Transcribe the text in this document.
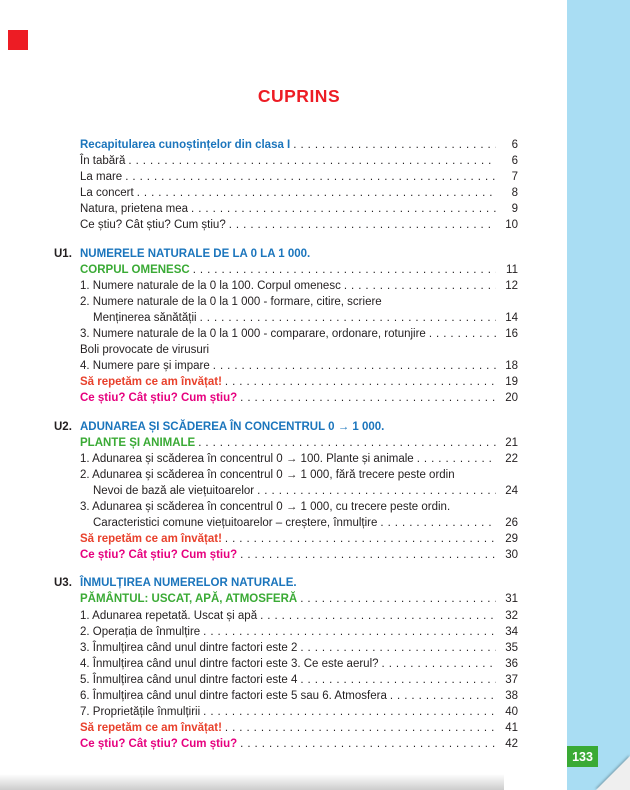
CUPRINS
Recapitularea cunoștințelor din clasa I .....	6
În tabără .....	6
La mare .....	7
La concert .....	8
Natura, prietena mea .....	9
Ce știu? Cât știu? Cum știu? .....	10
U1. NUMERELE NATURALE DE LA 0 LA 1 000.
CORPUL OMENESC .....	11
1. Numere naturale de la 0 la 100. Corpul omenesc .....	12
2. Numere naturale de la 0 la 1 000 - formare, citire, scriere
Menținerea sănătății .....	14
3. Numere naturale de la 0 la 1 000 - comparare, ordonare, rotunjire .....	16
Boli provocate de virusuri
4. Numere pare și impare .....	18
Să repetăm ce am învățat! .....	19
Ce știu? Cât știu? Cum știu? .....	20
U2. ADUNAREA ȘI SCĂDEREA ÎN CONCENTRUL 0 → 1 000.
PLANTE ȘI ANIMALE .....	21
1. Adunarea și scăderea în concentrul 0 → 100. Plante și animale .....	22
2. Adunarea și scăderea în concentrul 0 → 1 000, fără trecere peste ordin
Nevoi de bază ale viețuitoarelor .....	24
3. Adunarea și scăderea în concentrul 0 → 1 000, cu trecere peste ordin.
Caracteristici comune viețuitoarelor – creștere, înmulțire .....	26
Să repetăm ce am învățat! .....	29
Ce știu? Cât știu? Cum știu? .....	30
U3. ÎNMULȚIREA NUMERELOR NATURALE.
PĂMÂNTUL: USCAT, APĂ, ATMOSFERĂ .....	31
1. Adunarea repetată. Uscat și apă .....	32
2. Operația de înmulțire .....	34
3. Înmulțirea când unul dintre factori este 2 .....	35
4. Înmulțirea când unul dintre factori este 3. Ce este aerul? .....	36
5. Înmulțirea când unul dintre factori este 4 .....	37
6. Înmulțirea când unul dintre factori este 5 sau 6. Atmosfera .....	38
7. Proprietățile înmulțirii .....	40
Să repetăm ce am învățat! .....	41
Ce știu? Cât știu? Cum știu? .....	42
133
